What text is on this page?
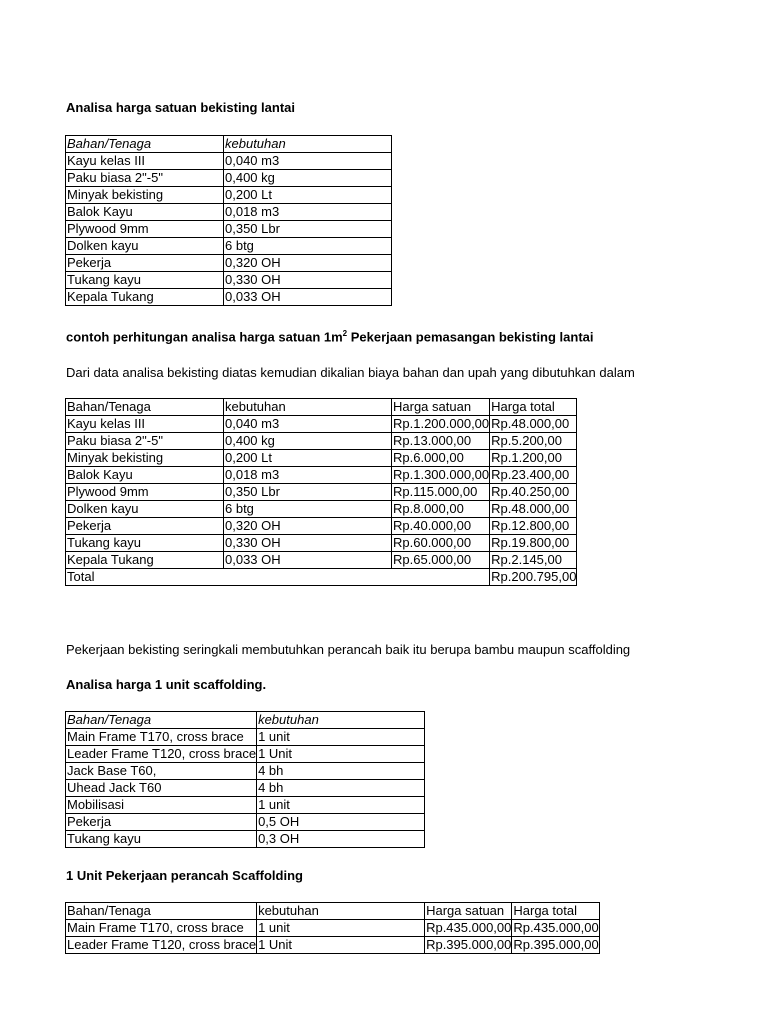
Analisa harga satuan bekisting lantai
Bahan/Tenaga	kebutuhan

Kayu kelas III	0,040 m3

Paku biasa 2"-5"	0,400 kg

Minyak bekisting	0,200 Lt

Balok Kayu	0,018 m3

Plywood 9mm	0,350 Lbr

Dolken kayu	6 btg

Pekerja	0,320 OH

Tukang kayu	0,330 OH

Kepala Tukang	0,033 OH
contoh perhitungan analisa harga satuan $1m^2$ Pekerjaan pemasangan bekisting lantai
Dari data analisa bekisting diatas kemudian dikalian biaya bahan dan upah yang dibutuhkan dalam
Bahan/Tenaga	kebutuhan	Harga satuan	Harga total

Kayu kelas III	0,040 m3	Rp.1.200.000,00	Rp.48.000,00

Paku biasa 2"-5"	0,400 kg	Rp.13.000,00	Rp.5.200,00

Minyak bekisting	0,200 Lt	Rp.6.000,00	Rp.1.200,00

Balok Kayu	0,018 m3	Rp.1.300.000,00	Rp.23.400,00

Plywood 9mm	0,350 Lbr	Rp.115.000,00	Rp.40.250,00

Dolken kayu	6 btg	Rp.8.000,00	Rp.48.000,00

Pekerja	0,320 OH	Rp.40.000,00	Rp.12.800,00

Tukang kayu	0,330 OH	Rp.60.000,00	Rp.19.800,00

Kepala Tukang	0,033 OH	Rp.65.000,00	Rp.2.145,00

Total			Rp.200.795,00
Pekerjaan bekisting seringkali membutuhkan perancah baik itu berupa bambu maupun scaffolding
Analisa harga 1 unit scaffolding.
Bahan/Tenaga	kebutuhan

Main Frame T170, cross brace	1 unit

Leader Frame T120, cross brace	1 Unit

Jack Base T60,	4 bh

Uhead Jack T60	4 bh

Mobilisasi	1 unit

Pekerja	0,5 OH

Tukang kayu	0,3 OH
1 Unit Pekerjaan perancah Scaffolding
Bahan/Tenaga	kebutuhan	Harga satuan	Harga total

Main Frame T170, cross brace	1 unit	Rp.435.000,00	Rp.435.000,00

Leader Frame T120, cross brace	1 Unit	Rp.395.000,00	Rp.395.000,00
